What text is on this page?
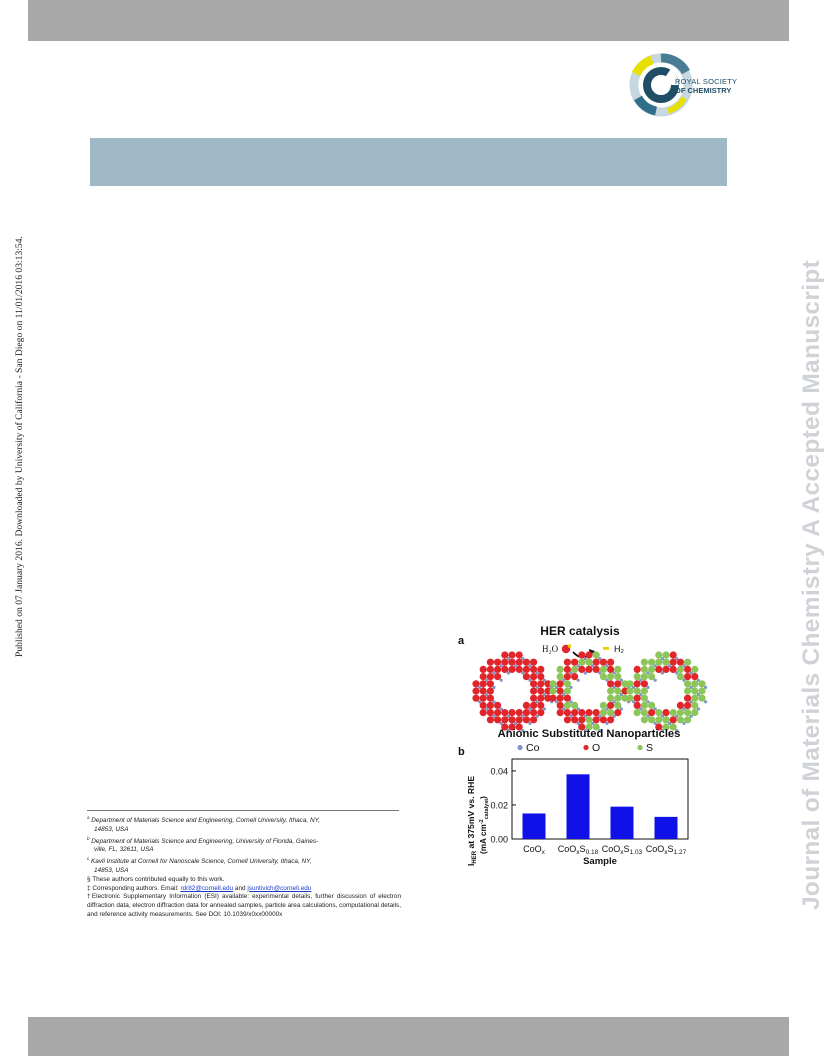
ROYAL SOCIETY
OF CHEMISTRY
Published on 07 January 2016. Downloaded by University of California - San Diego on 11/01/2016 03:13:54.	Journal of Materials Chemistry A Accepted Manuscript
a
HER catalysis
H₂O	H₂
Anionic Substituted Nanoparticles
Co	O	S
b
0.00
0.02
0.04
CoO$_x$ $CoO_xS_{0.18}$ $CoO_xS_{1.03}$ $CoO_xS_{1.27}$
Sample
$I_{HER}$ at 375mV vs. RHE (mA $cm^{-2}_{catalyst}$)

$^a$ Department of Materials Science and Engineering, Cornell University, Ithaca, NY,

14853, USA

$^b$ Department of Materials Science and Engineering, University of Florida, Gaines-

ville, FL, 32611, USA

$^c$ Kavli Institute at Cornell for Nanoscale Science, Cornell University, Ithaca, NY,

14853, USA

§ These authors contributed equally to this work.

‡ Corresponding authors. Email: rdr82@cornell.edu and jsuntivich@cornell.edu

†Electronic Supplementary Information (ESI) available: experimental details, further discussion of electron diffraction data, electron diffraction data for annealed samples, particle area calculations, computational details, and reference activity measurements. See DOI: 10.1039/x0xx00000x
